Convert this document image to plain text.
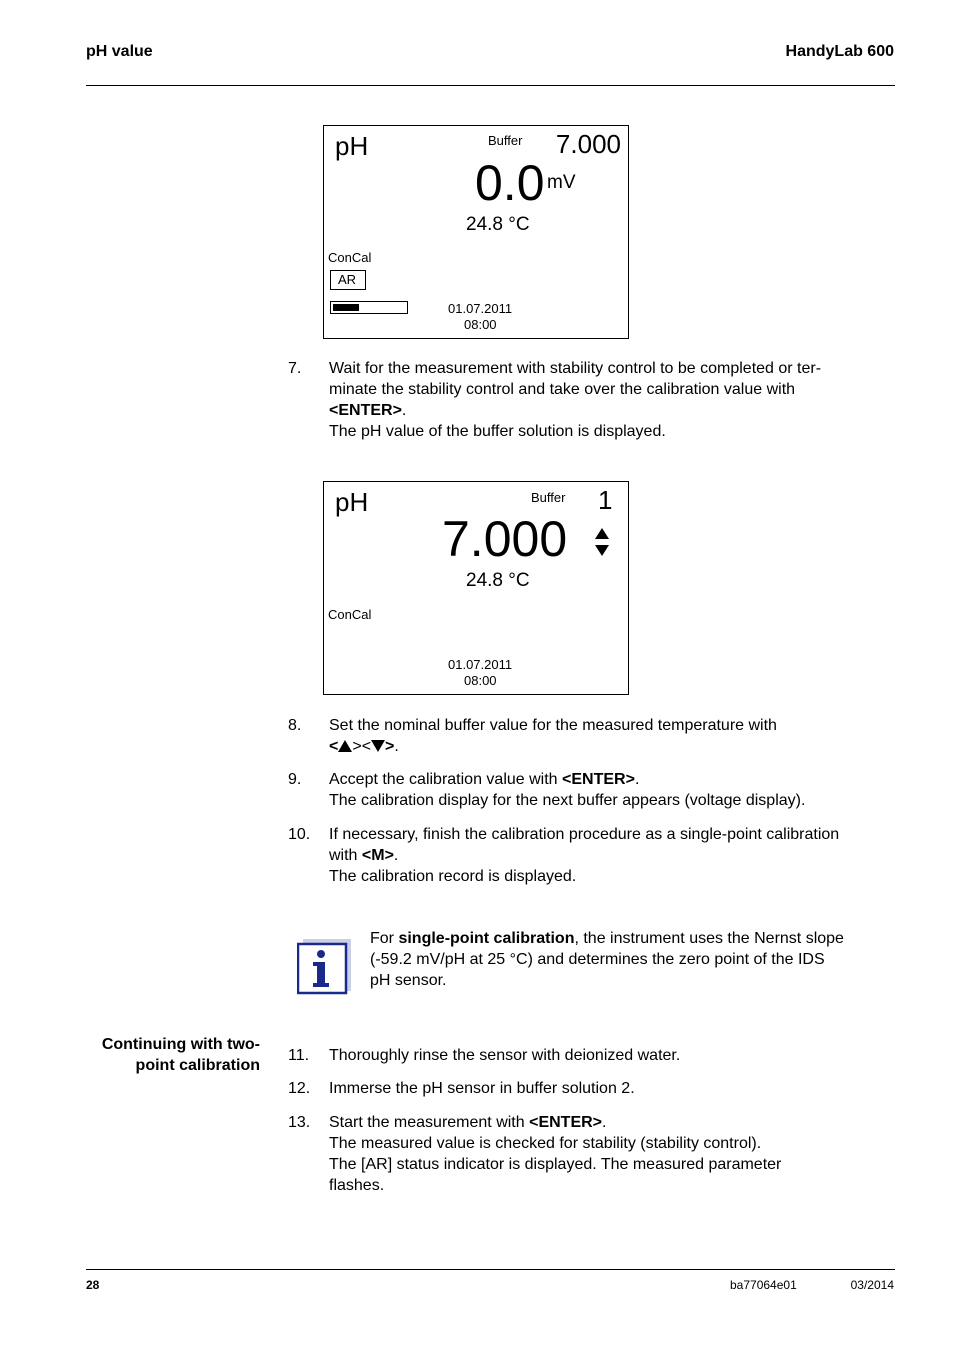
pH value	HandyLab 600
pH	Buffer 7.000
0.0 mV
24.8 °C
ConCal
AR
01.07.2011
08:00
7. Wait for the measurement with stability control to be completed or ter-
minate the stability control and take over the calibration value with
<ENTER>.
The pH value of the buffer solution is displayed.
pH	Buffer 1
7.000
24.8 °C
ConCal
01.07.2011
08:00
8. Set the nominal buffer value for the measured temperature with
< >< >.
9. Accept the calibration value with <ENTER>.
The calibration display for the next buffer appears (voltage display).
10. If necessary, finish the calibration procedure as a single-point calibration
with <M>.
The calibration record is displayed.
For single-point calibration, the instrument uses the Nernst slope
(-59.2 mV/pH at 25 °C) and determines the zero point of the IDS
pH sensor.
Continuing with two-
point calibration
11. Thoroughly rinse the sensor with deionized water.
12. Immerse the pH sensor in buffer solution 2.
13. Start the measurement with <ENTER>.
The measured value is checked for stability (stability control).
The [AR] status indicator is displayed. The measured parameter
flashes.
28	ba77064e01	03/2014
